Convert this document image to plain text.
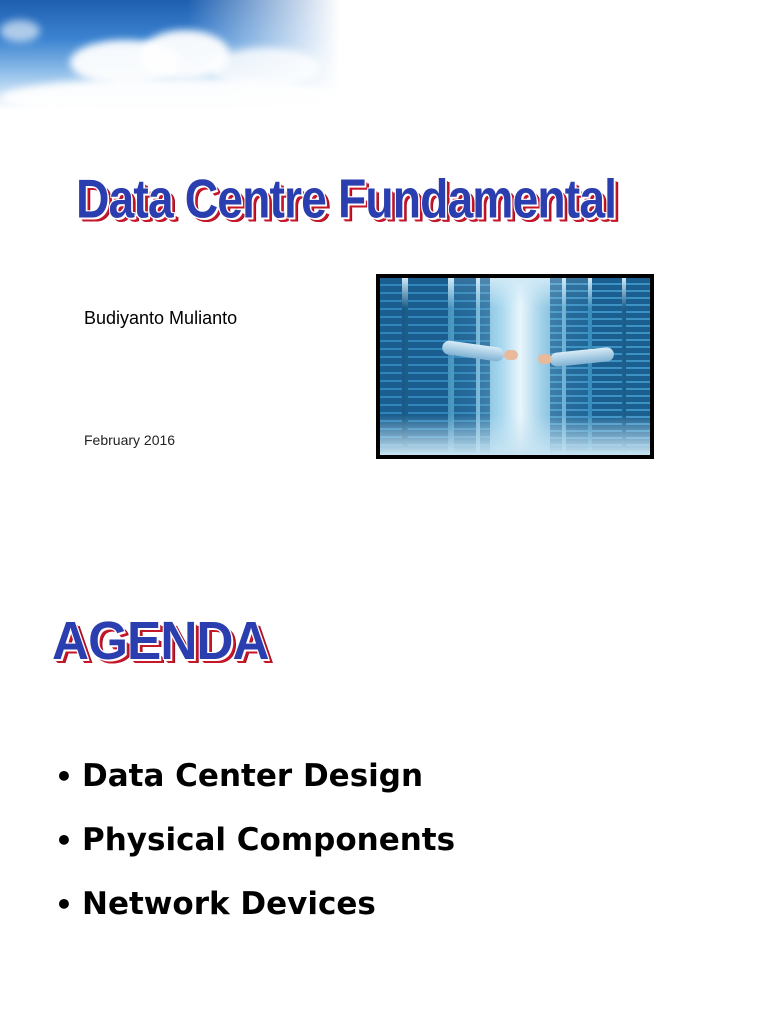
Data Centre Fundamental
Budiyanto Mulianto
February 2016
AGENDA
• Data Center Design
• Physical Components
• Network Devices
